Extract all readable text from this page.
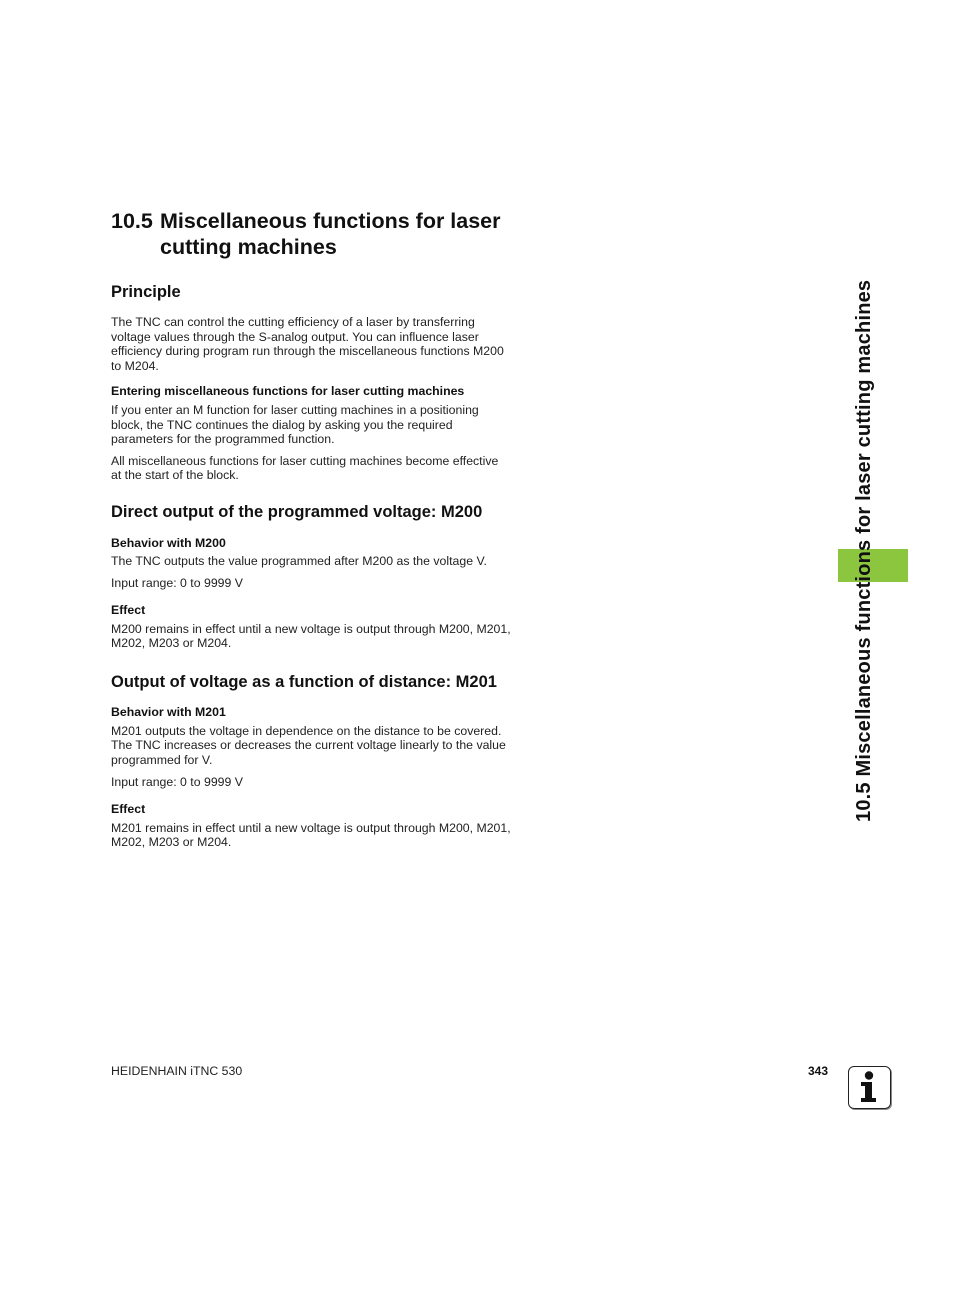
10.5 Miscellaneous functions for laser cutting machines
Principle

The TNC can control the cutting efficiency of a laser by transferring voltage values through the S-analog output. You can influence laser efficiency during program run through the miscellaneous functions M200 to M204.

Entering miscellaneous functions for laser cutting machines

If you enter an M function for laser cutting machines in a positioning block, the TNC continues the dialog by asking you the required parameters for the programmed function.

All miscellaneous functions for laser cutting machines become effective at the start of the block.

Direct output of the programmed voltage: M200
Behavior with M200

The TNC outputs the value programmed after M200 as the voltage V.

Input range: 0 to 9999 V

Effect

M200 remains in effect until a new voltage is output through M200, M201, M202, M203 or M204.

Output of voltage as a function of distance: M201
Behavior with M201

M201 outputs the voltage in dependence on the distance to be covered. The TNC increases or decreases the current voltage linearly to the value programmed for V.

Input range: 0 to 9999 V

Effect

M201 remains in effect until a new voltage is output through M200, M201, M202, M203 or M204.

10.5 Miscellaneous functions for laser cutting machines
HEIDENHAIN iTNC 530	343
